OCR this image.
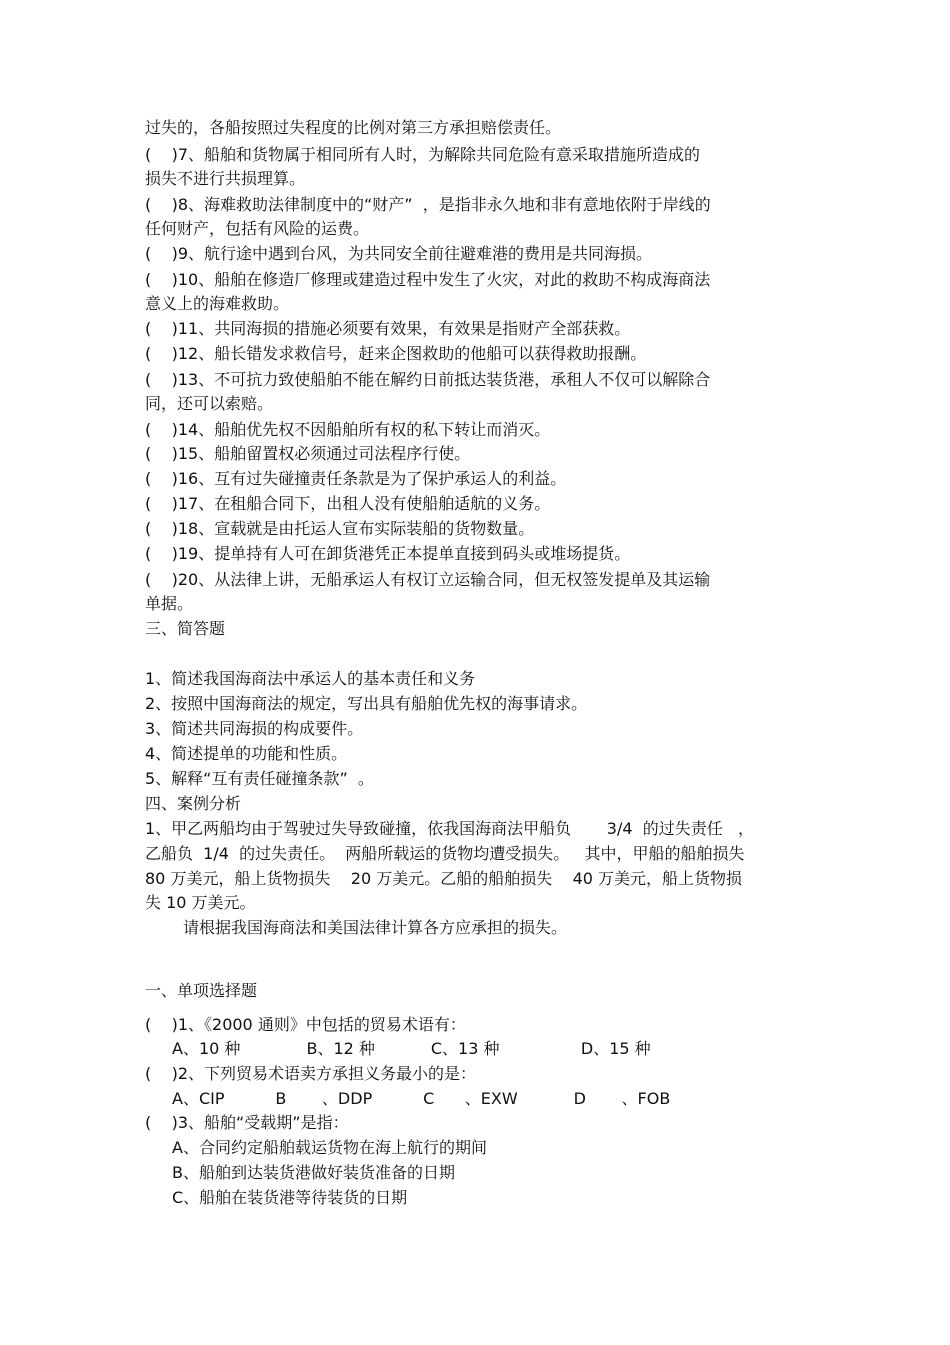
过失的，各船按照过失程度的比例对第三方承担赔偿责任。
(    )7、船舶和货物属于相同所有人时，为解除共同危险有意采取措施所造成的
损失不进行共损理算。
(    )8、海难救助法律制度中的“财产”  ，是指非永久地和非有意地依附于岸线的
任何财产，包括有风险的运费。
(    )9、航行途中遇到台风，为共同安全前往避难港的费用是共同海损。
(    )10、船舶在修造厂修理或建造过程中发生了火灾，对此的救助不构成海商法
意义上的海难救助。
(    )11、共同海损的措施必须要有效果，有效果是指财产全部获救。
(    )12、船长错发求救信号，赶来企图救助的他船可以获得救助报酬。
(    )13、不可抗力致使船舶不能在解约日前抵达装货港，承租人不仅可以解除合
同，还可以索赔。
(    )14、船舶优先权不因船舶所有权的私下转让而消灭。
(    )15、船舶留置权必须通过司法程序行使。
(    )16、互有过失碰撞责任条款是为了保护承运人的利益。
(    )17、在租船合同下，出租人没有使船舶适航的义务。
(    )18、宣载就是由托运人宣布实际装船的货物数量。
(    )19、提单持有人可在卸货港凭正本提单直接到码头或堆场提货。
(    )20、从法律上讲，无船承运人有权订立运输合同，但无权签发提单及其运输
单据。
三、简答题
1、简述我国海商法中承运人的基本责任和义务
2、按照中国海商法的规定，写出具有船舶优先权的海事请求。
3、简述共同海损的构成要件。
4、简述提单的功能和性质。
5、解释“互有责任碰撞条款”  。
四、案例分析
1、甲乙两船均由于驾驶过失导致碰撞，依我国海商法甲船负       3/4  的过失责任   ，
乙船负  1/4  的过失责任。  两船所载运的货物均遭受损失。   其中，甲船的船舶损失
80 万美元，船上货物损失    20 万美元。乙船的船舶损失    40 万美元，船上货物损
失 10 万美元。
请根据我国海商法和美国法律计算各方应承担的损失。
一、单项选择题
(    )1、《2000 通则》中包括的贸易术语有：
A、10 种             B、12 种           C、13 种                D、15 种
(    )2、下列贸易术语卖方承担义务最小的是：
A、CIP          B       、DDP          C      、EXW           D       、FOB
(    )3、船舶“受载期”是指：
A、合同约定船舶载运货物在海上航行的期间
B、船舶到达装货港做好装货准备的日期
C、船舶在装货港等待装货的日期
